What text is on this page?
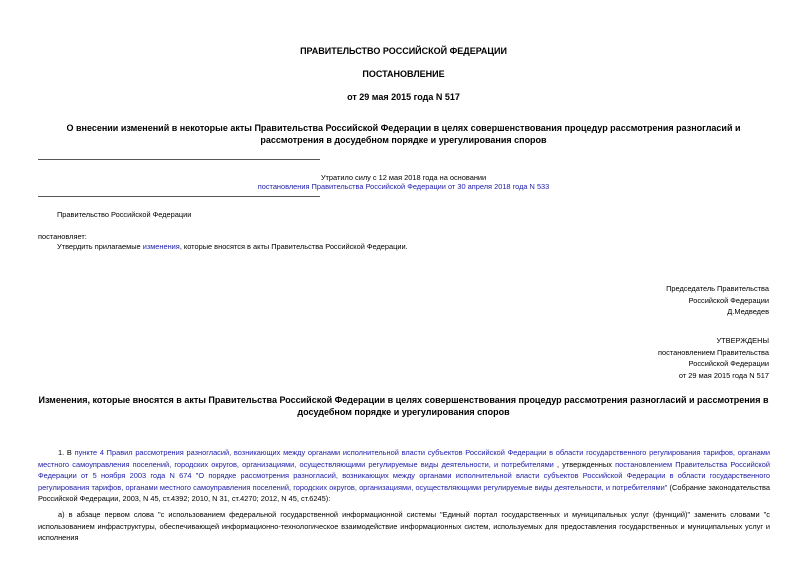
ПРАВИТЕЛЬСТВО РОССИЙСКОЙ ФЕДЕРАЦИИ
ПОСТАНОВЛЕНИЕ
от 29 мая 2015 года N 517
О внесении изменений в некоторые акты Правительства Российской Федерации в целях совершенствования процедур рассмотрения разногласий и
рассмотрения в досудебном порядке и урегулирования споров
Утратило силу с 12 мая 2018 года на основании
постановления Правительства Российской Федерации от 30 апреля 2018 года N 533
Правительство Российской Федерации
постановляет:
Утвердить прилагаемые изменения, которые вносятся в акты Правительства Российской Федерации.
Председатель Правительства
Российской Федерации
Д.Медведев
УТВЕРЖДЕНЫ
постановлением Правительства
Российской Федерации
от 29 мая 2015 года N 517
Изменения, которые вносятся в акты Правительства Российской Федерации в целях совершенствования процедур рассмотрения разногласий и рассмотрения в
досудебном порядке и урегулирования споров
1. В пункте 4 Правил рассмотрения разногласий, возникающих между органами исполнительной власти субъектов Российской Федерации в области государственного регулирования тарифов, органами местного самоуправления поселений, городских округов, организациями, осуществляющими регулируемые виды деятельности, и потребителями , утвержденных постановлением Правительства Российской Федерации от 5 ноября 2003 года N 674 "О порядке рассмотрения разногласий, возникающих между органами исполнительной власти субъектов Российской Федерации в области государственного регулирования тарифов, органами местного самоуправления поселений, городских округов, организациями, осуществляющими регулируемые виды деятельности, и потребителями" (Собрание законодательства Российской Федерации, 2003, N 45, ст.4392; 2010, N 31, ст.4270; 2012, N 45, ст.6245):
а) в абзаце первом слова "с использованием федеральной государственной информационной системы "Единый портал государственных и муниципальных услуг (функций)" заменить словами "с использованием инфраструктуры, обеспечивающей информационно-технологическое взаимодействие информационных систем, используемых для предоставления государственных и муниципальных услуг и исполнения
